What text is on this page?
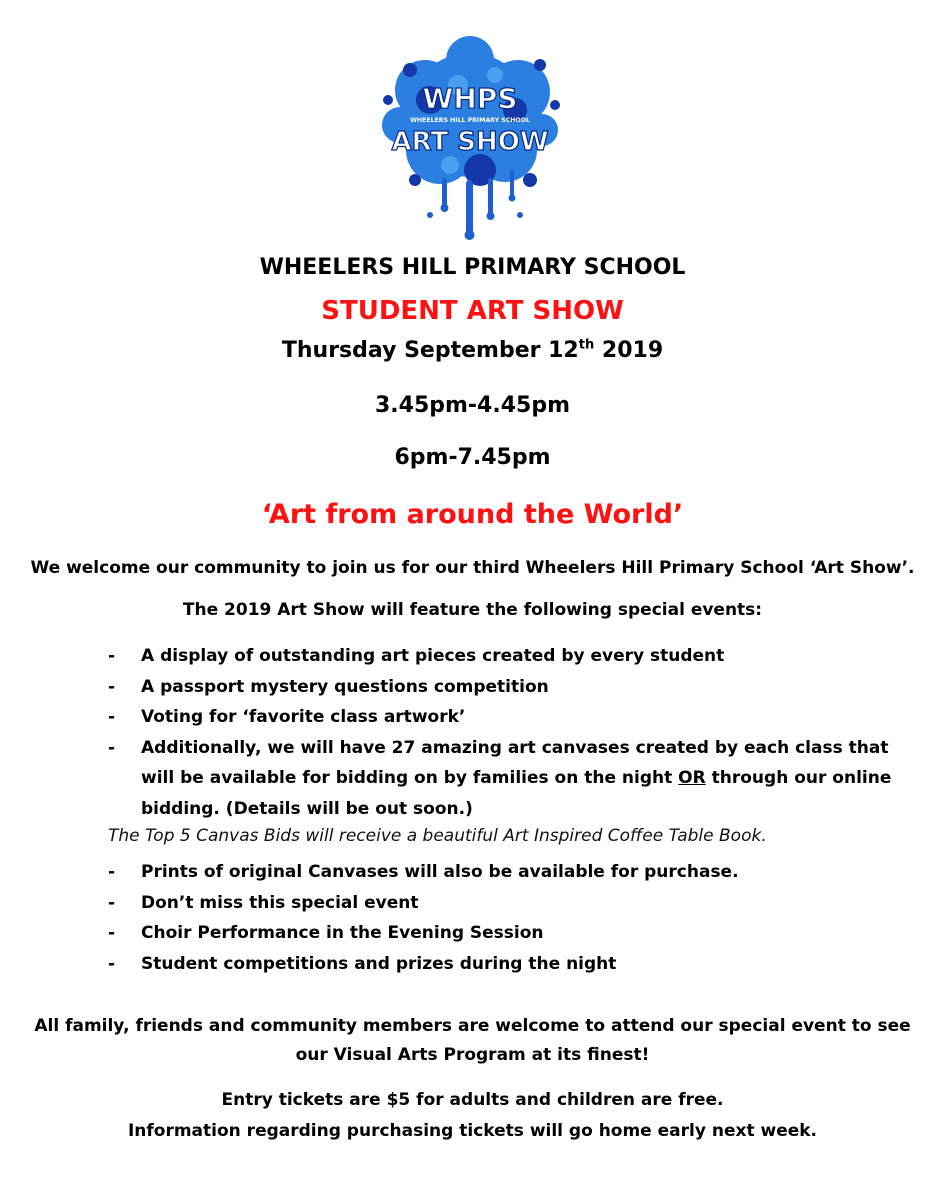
WHPS
WHEELERS HILL PRIMARY SCHOOL
ART SHOW
WHEELERS HILL PRIMARY SCHOOL
STUDENT ART SHOW
Thursday September 12th 2019
3.45pm-4.45pm
6pm-7.45pm
‘Art from around the World’
We welcome our community to join us for our third Wheelers Hill Primary School ‘Art Show’.
The 2019 Art Show will feature the following special events:
- A display of outstanding art pieces created by every student
- A passport mystery questions competition
- Voting for ‘favorite class artwork’
- Additionally, we will have 27 amazing art canvases created by each class that will be available for bidding on by families on the night OR through our online bidding. (Details will be out soon.)
The Top 5 Canvas Bids will receive a beautiful Art Inspired Coffee Table Book.
- Prints of original Canvases will also be available for purchase.
- Don’t miss this special event
- Choir Performance in the Evening Session
- Student competitions and prizes during the night
All family, friends and community members are welcome to attend our special event to see
our Visual Arts Program at its finest!
Entry tickets are $5 for adults and children are free.
Information regarding purchasing tickets will go home early next week.
